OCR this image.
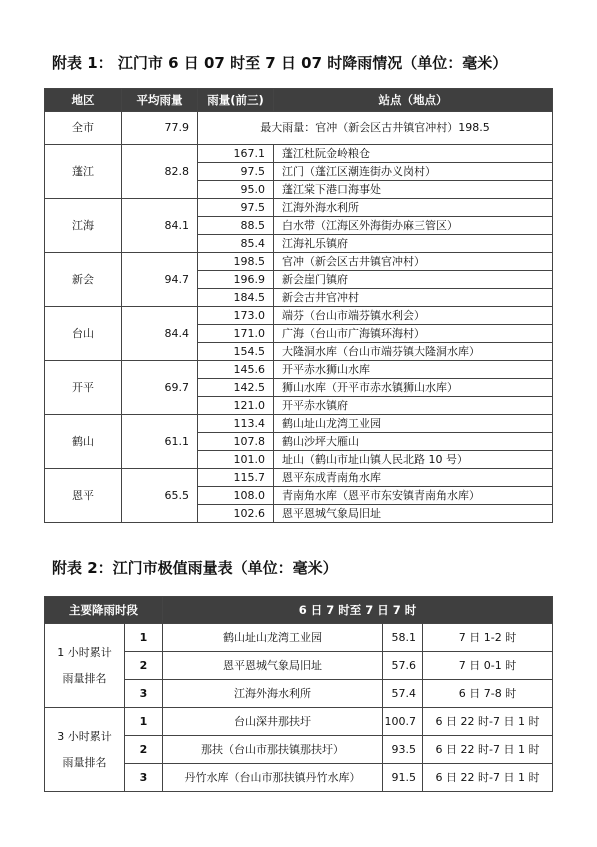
附表 1： 江门市 6 日 07 时至 7 日 07 时降雨情况（单位：毫米）
地区	平均雨量	雨量(前三)	站点（地点）
全市	77.9	最大雨量：官冲（新会区古井镇官冲村）198.5	
蓬江	82.8	167.1	蓬江杜阮金岭粮仓
		97.5	江门（蓬江区潮连街办义岗村）
		95.0	蓬江棠下港口海事处
江海	84.1	97.5	江海外海水利所
		88.5	白水带（江海区外海街办麻三管区）
		85.4	江海礼乐镇府
新会	94.7	198.5	官冲（新会区古井镇官冲村）
		196.9	新会崖门镇府
		184.5	新会古井官冲村
台山	84.4	173.0	端芬（台山市端芬镇水利会）
		171.0	广海（台山市广海镇环海村）
		154.5	大隆洞水库（台山市端芬镇大隆洞水库）
开平	69.7	145.6	开平赤水狮山水库
		142.5	狮山水库（开平市赤水镇狮山水库）
		121.0	开平赤水镇府
鹤山	61.1	113.4	鹤山址山龙湾工业园
		107.8	鹤山沙坪大雁山
		101.0	址山（鹤山市址山镇人民北路 10 号）
恩平	65.5	115.7	恩平东成青南角水库
		108.0	青南角水库（恩平市东安镇青南角水库）
		102.6	恩平恩城气象局旧址
附表 2：江门市极值雨量表（单位：毫米）
主要降雨时段		6 日 7 时至 7 日 7 时		

1 小时累计
雨量排名	1	鹤山址山龙湾工业园	58.1	7 日 1-2 时
	2	恩平恩城气象局旧址	57.6	7 日 0-1 时
	3	江海外海水利所	57.4	6 日 7-8 时

3 小时累计
雨量排名	1	台山深井那扶圩	100.7	6 日 22 时-7 日 1 时
	2	那扶（台山市那扶镇那扶圩）	93.5	6 日 22 时-7 日 1 时
	3	丹竹水库（台山市那扶镇丹竹水库）	91.5	6 日 22 时-7 日 1 时
